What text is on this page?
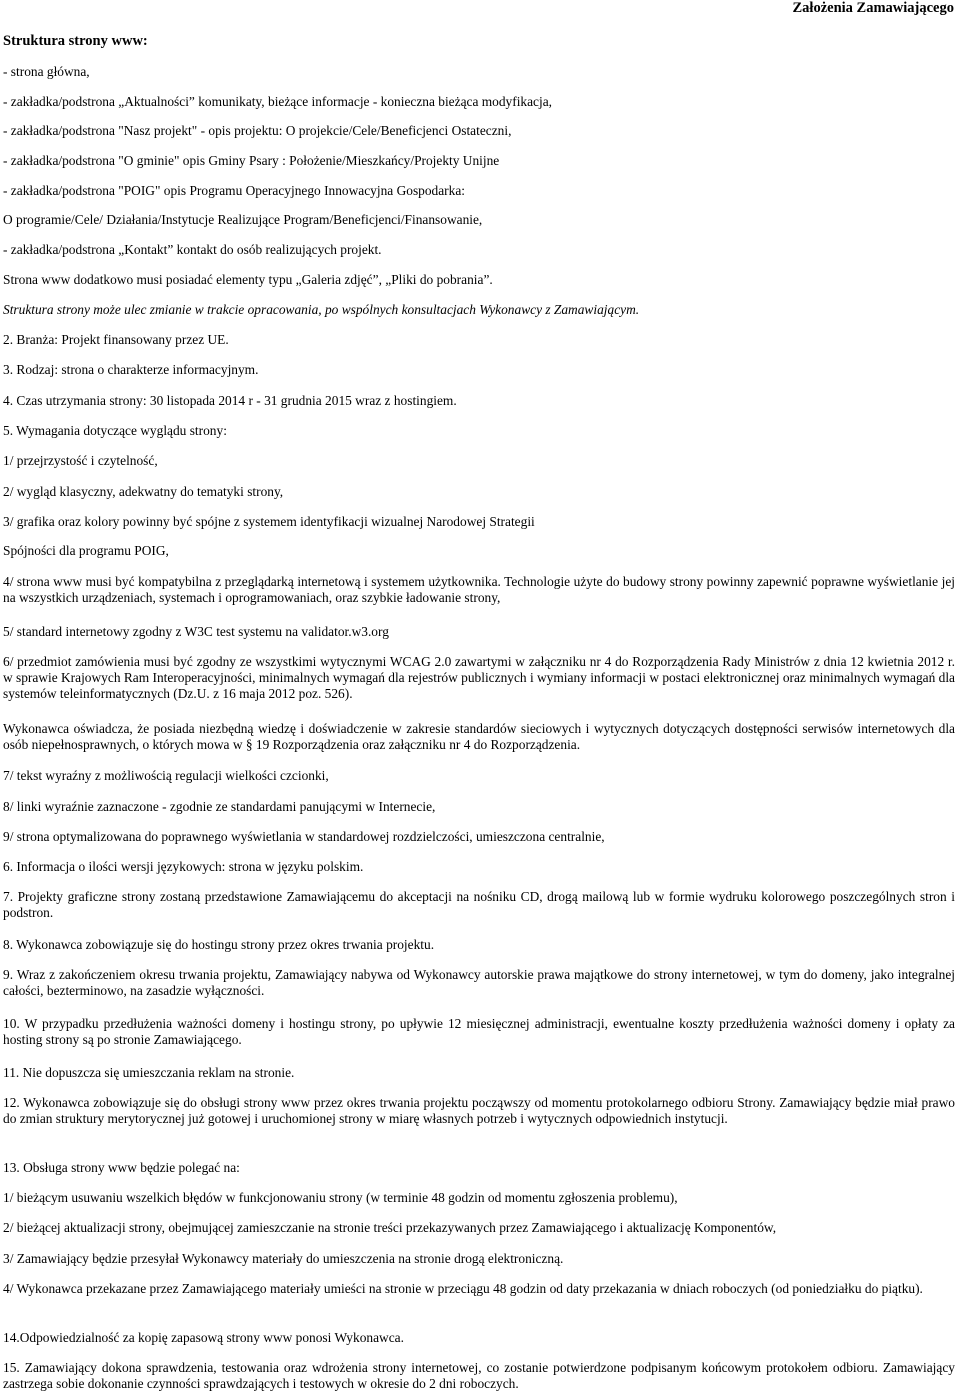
Założenia Zamawiającego

Struktura strony www:

- strona główna,

- zakładka/podstrona „Aktualności” komunikaty, bieżące informacje - konieczna bieżąca modyfikacja,

- zakładka/podstrona "Nasz projekt" - opis projektu: O projekcie/Cele/Beneficjenci Ostateczni,

- zakładka/podstrona "O gminie" opis Gminy Psary : Położenie/Mieszkańcy/Projekty Unijne

- zakładka/podstrona "POIG" opis Programu Operacyjnego Innowacyjna Gospodarka:

O programie/Cele/ Działania/Instytucje Realizujące Program/Beneficjenci/Finansowanie,

- zakładka/podstrona „Kontakt” kontakt do osób realizujących projekt.

Strona www dodatkowo musi posiadać elementy typu „Galeria zdjęć”, „Pliki do pobrania”.

Struktura strony może ulec zmianie w trakcie opracowania, po wspólnych konsultacjach Wykonawcy z Zamawiającym.

2. Branża: Projekt finansowany przez UE.

3. Rodzaj: strona o charakterze informacyjnym.

4. Czas utrzymania strony: 30 listopada 2014 r - 31 grudnia 2015 wraz z hostingiem.

5. Wymagania dotyczące wyglądu strony:

1/ przejrzystość i czytelność,

2/ wygląd klasyczny, adekwatny do tematyki strony,

3/ grafika oraz kolory powinny być spójne z systemem identyfikacji wizualnej Narodowej Strategii

Spójności dla programu POIG,

4/ strona www musi być kompatybilna z przeglądarką internetową i systemem użytkownika. Technologie użyte do budowy strony powinny zapewnić poprawne wyświetlanie jej na wszystkich urządzeniach, systemach i oprogramowaniach, oraz szybkie ładowanie strony,

5/ standard internetowy zgodny z W3C test systemu na validator.w3.org

6/ przedmiot zamówienia musi być zgodny ze wszystkimi wytycznymi WCAG 2.0 zawartymi w załączniku nr 4 do Rozporządzenia Rady Ministrów z dnia 12 kwietnia 2012 r. w sprawie Krajowych Ram Interoperacyjności, minimalnych wymagań dla rejestrów publicznych i wymiany informacji w postaci elektronicznej oraz minimalnych wymagań dla systemów teleinformatycznych (Dz.U. z 16 maja 2012 poz. 526).

Wykonawca oświadcza, że posiada niezbędną wiedzę i doświadczenie w zakresie standardów sieciowych i wytycznych dotyczących dostępności serwisów internetowych dla osób niepełnosprawnych, o których mowa w § 19 Rozporządzenia oraz załączniku nr 4 do Rozporządzenia.

7/ tekst wyraźny z możliwością regulacji wielkości czcionki,

8/ linki wyraźnie zaznaczone - zgodnie ze standardami panującymi w Internecie,

9/ strona optymalizowana do poprawnego wyświetlania w standardowej rozdzielczości, umieszczona centralnie,

6. Informacja o ilości wersji językowych: strona w języku polskim.

7. Projekty graficzne strony zostaną przedstawione Zamawiającemu do akceptacji na nośniku CD, drogą mailową lub w formie wydruku kolorowego poszczególnych stron i podstron.

8. Wykonawca zobowiązuje się do hostingu strony przez okres trwania projektu.

9. Wraz z zakończeniem okresu trwania projektu, Zamawiający nabywa od Wykonawcy autorskie prawa majątkowe do strony internetowej, w tym do domeny, jako integralnej całości, bezterminowo, na zasadzie wyłączności.

10. W przypadku przedłużenia ważności domeny i hostingu strony, po upływie 12 miesięcznej administracji, ewentualne koszty przedłużenia ważności domeny i opłaty za hosting strony są po stronie Zamawiającego.

11. Nie dopuszcza się umieszczania reklam na stronie.

12. Wykonawca zobowiązuje się do obsługi strony www przez okres trwania projektu począwszy od momentu protokolarnego odbioru Strony. Zamawiający będzie miał prawo do zmian struktury merytorycznej już gotowej i uruchomionej strony w miarę własnych potrzeb i wytycznych odpowiednich instytucji.

13. Obsługa strony www będzie polegać na:

1/ bieżącym usuwaniu wszelkich błędów w funkcjonowaniu strony (w terminie 48 godzin od momentu zgłoszenia problemu),

2/ bieżącej aktualizacji strony, obejmującej zamieszczanie na stronie treści przekazywanych przez Zamawiającego i aktualizację Komponentów,

3/ Zamawiający będzie przesyłał Wykonawcy materiały do umieszczenia na stronie drogą elektroniczną.

4/ Wykonawca przekazane przez Zamawiającego materiały umieści na stronie w przeciągu 48 godzin od daty przekazania w dniach roboczych (od poniedziałku do piątku).

14.Odpowiedzialność za kopię zapasową strony www ponosi Wykonawca.

15. Zamawiający dokona sprawdzenia, testowania oraz wdrożenia strony internetowej, co zostanie potwierdzone podpisanym końcowym protokołem odbioru. Zamawiający zastrzega sobie dokonanie czynności sprawdzających i testowych w okresie do 2 dni roboczych.
